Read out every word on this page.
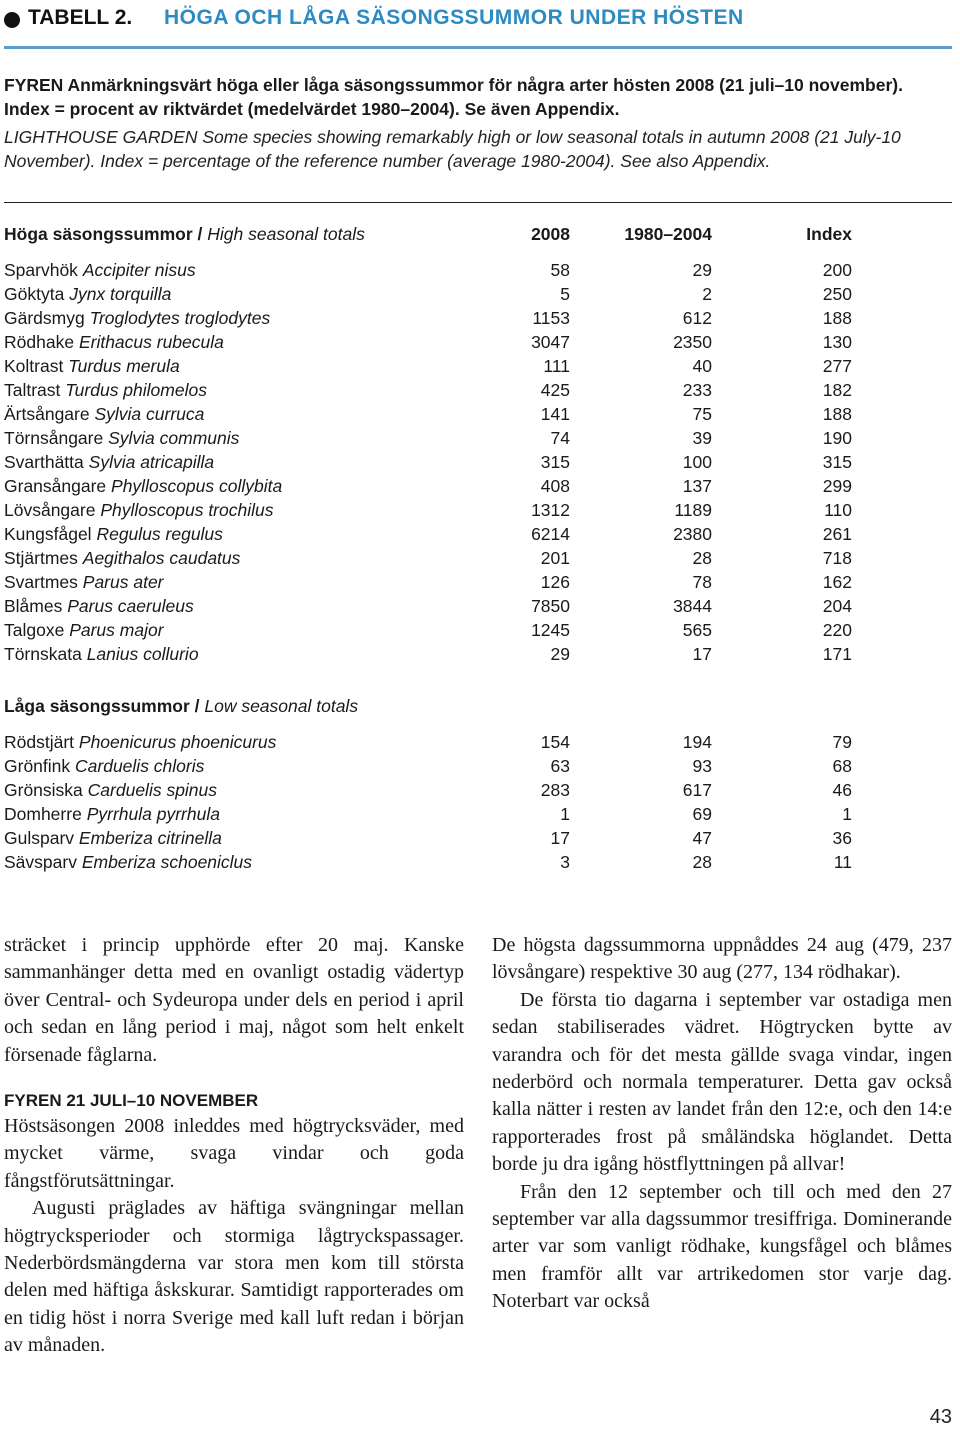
TABELL 2. HÖGA OCH LÅGA SÄSONGSSUMMOR UNDER HÖSTEN
FYREN Anmärkningsvärt höga eller låga säsongssummor för några arter hösten 2008 (21 juli–10 november). Index = procent av riktvärdet (medelvärdet 1980–2004). Se även Appendix.
LIGHTHOUSE GARDEN Some species showing remarkably high or low seasonal totals in autumn 2008 (21 July-10 November). Index = percentage of the reference number (average 1980-2004). See also Appendix.
Höga säsongssummor / High seasonal totals	2008	1980–2004	Index
Sparvhök Accipiter nisus	58	29	200
Göktyta Jynx torquilla	5	2	250
Gärdsmyg Troglodytes troglodytes	1153	612	188
Rödhake Erithacus rubecula	3047	2350	130
Koltrast Turdus merula	111	40	277
Taltrast Turdus philomelos	425	233	182
Ärtsångare Sylvia curruca	141	75	188
Törnsångare Sylvia communis	74	39	190
Svarthätta Sylvia atricapilla	315	100	315
Gransångare Phylloscopus collybita	408	137	299
Lövsångare Phylloscopus trochilus	1312	1189	110
Kungsfågel Regulus regulus	6214	2380	261
Stjärtmes Aegithalos caudatus	201	28	718
Svartmes Parus ater	126	78	162
Blåmes Parus caeruleus	7850	3844	204
Talgoxe Parus major	1245	565	220
Törnskata Lanius collurio	29	17	171
Låga säsongssummor / Low seasonal totals
Rödstjärt Phoenicurus phoenicurus	154	194	79
Grönfink Carduelis chloris	63	93	68
Grönsiska Carduelis spinus	283	617	46
Domherre Pyrrhula pyrrhula	1	69	1
Gulsparv Emberiza citrinella	17	47	36
Sävsparv Emberiza schoeniclus	3	28	11

sträcket i princip upphörde efter 20 maj. Kanske sammanhänger detta med en ovanligt ostadig vädertyp över Central- och Sydeuropa under dels en period i april och sedan en lång period i maj, något som helt enkelt försenade fåglarna.

FYREN 21 JULI–10 NOVEMBER

Höstsäsongen 2008 inleddes med högtrycksväder, med mycket värme, svaga vindar och goda fångstförutsättningar.

Augusti präglades av häftiga svängningar mellan högtrycksperioder och stormiga lågtryckspassager. Nederbördsmängderna var stora men kom till största delen med häftiga åskskurar. Samtidigt rapporterades om en tidig höst i norra Sverige med kall luft redan i början av månaden.

De högsta dagssummorna uppnåddes 24 aug (479, 237 lövsångare) respektive 30 aug (277, 134 rödhakar).

De första tio dagarna i september var ostadiga men sedan stabiliserades vädret. Högtrycken bytte av varandra och för det mesta gällde svaga vindar, ingen nederbörd och normala temperaturer. Detta gav också kalla nätter i resten av landet från den 12:e, och den 14:e rapporterades frost på småländska höglandet. Detta borde ju dra igång höstflyttningen på allvar!

Från den 12 september och till och med den 27 september var alla dagssummor tresiffriga. Dominerande arter var som vanligt rödhake, kungsfågel och blåmes men framför allt var artrikedomen stor varje dag. Noterbart var också

43
